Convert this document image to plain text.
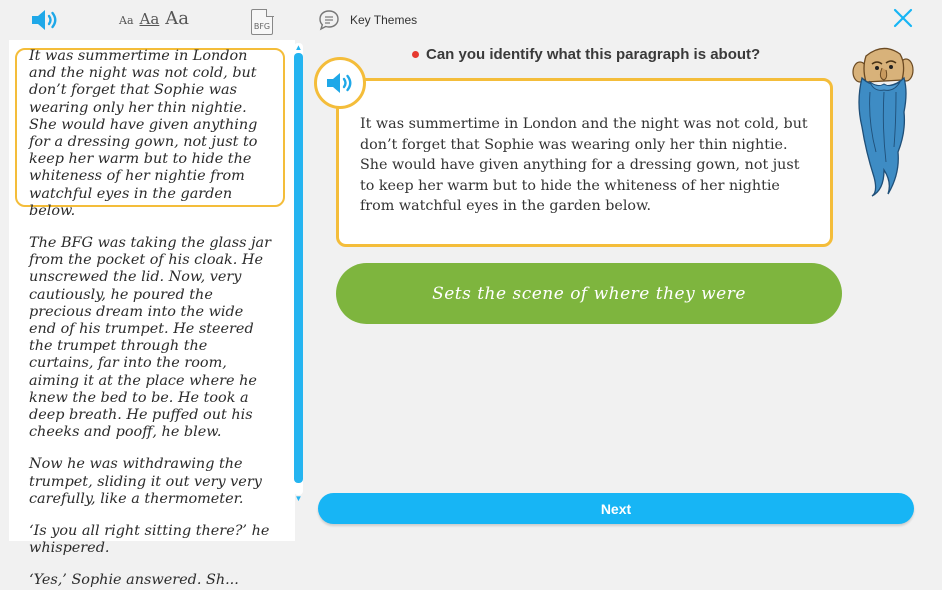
Aa Aa Aa	BFG

It was summertime in London and the night was not cold, but don’t forget that Sophie was wearing only her thin nightie. She would have given anything for a dressing gown, not just to keep her warm but to hide the whiteness of her nightie from watchful eyes in the garden below.

The BFG was taking the glass jar from the pocket of his cloak. He unscrewed the lid. Now, very cautiously, he poured the precious dream into the wide end of his trumpet. He steered the trumpet through the curtains, far into the room, aiming it at the place where he knew the bed to be. He took a deep breath. He puffed out his cheeks and pooff, he blew.

Now he was withdrawing the trumpet, sliding it out very very carefully, like a thermometer.

‘Is you all right sitting there?’ he whispered.

‘Yes,’ Sophie answered. Sh...

▲
▼
Key Themes
Can you identify what this paragraph is about?
It was summertime in London and the night was not cold, but don’t forget that Sophie was wearing only her thin nightie. She would have given anything for a dressing gown, not just to keep her warm but to hide the whiteness of her nightie from watchful eyes in the garden below.
Sets the scene of where they were
Next
